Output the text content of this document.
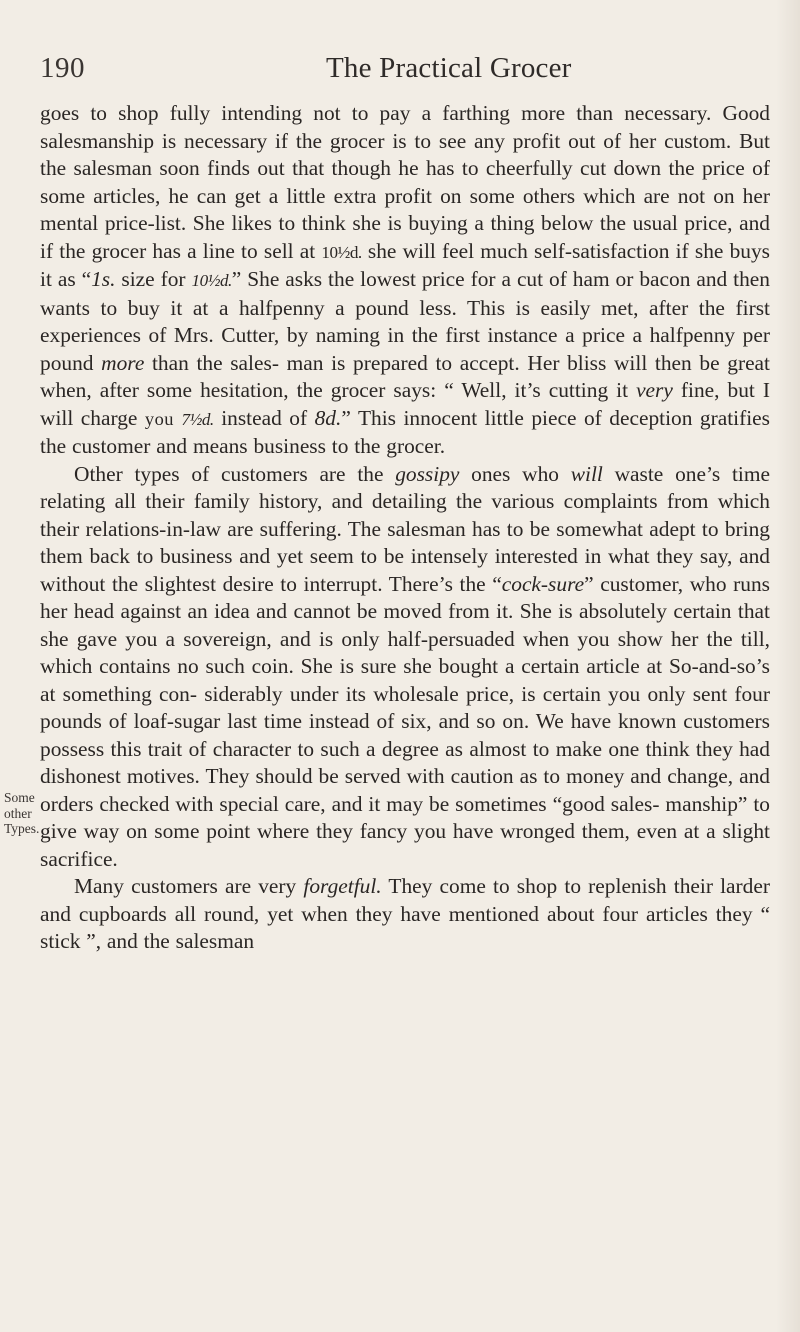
190	The Practical Grocer

goes to shop fully intending not to pay a farthing more than necessary. Good salesmanship is necessary if the grocer is to see any profit out of her custom. But the salesman soon finds out that though he has to cheerfully cut down the price of some articles, he can get a little extra profit on some others which are not on her mental price-list. She likes to think she is buying a thing below the usual price, and if the grocer has a line to sell at 10½d. she will feel much self-satisfaction if she buys it as “1s. size for 10½d.” She asks the lowest price for a cut of ham or bacon and then wants to buy it at a halfpenny a pound less. This is easily met, after the first experiences of Mrs. Cutter, by naming in the first instance a price a halfpenny per pound more than the sales- man is prepared to accept. Her bliss will then be great when, after some hesitation, the grocer says: “ Well, it’s cutting it very fine, but I will charge you 7½d. instead of 8d.” This innocent little piece of deception gratifies the customer and means business to the grocer.

Other types of customers are the gossipy ones who will waste one’s time relating all their family history, and detailing the various complaints from which their relations-in-law are suffering. The salesman has to be somewhat adept to bring them back to business and yet seem to be intensely interested in what they say, and without the slightest desire to interrupt. There’s the “cock-sure” customer, who runs her head against an idea and cannot be moved from it. She is absolutely certain that she gave you a sovereign, and is only half-persuaded when you show her the till, which contains no such coin. She is sure she bought a certain article at So-and-so’s at something con- siderably under its wholesale price, is certain you only sent four pounds of loaf-sugar last time instead of six, and so on. We have known customers possess this trait of character to such a degree as almost to make one think they had dishonest motives. They should be served with caution as to money and change, and orders checked with special care, and it may be sometimes “good sales- manship” to give way on some point where they fancy you have wronged them, even at a slight sacrifice.

Many customers are very forgetful. They come to shop to replenish their larder and cupboards all round, yet when they have mentioned about four articles they “ stick ”, and the salesman

Some
other
Types.
